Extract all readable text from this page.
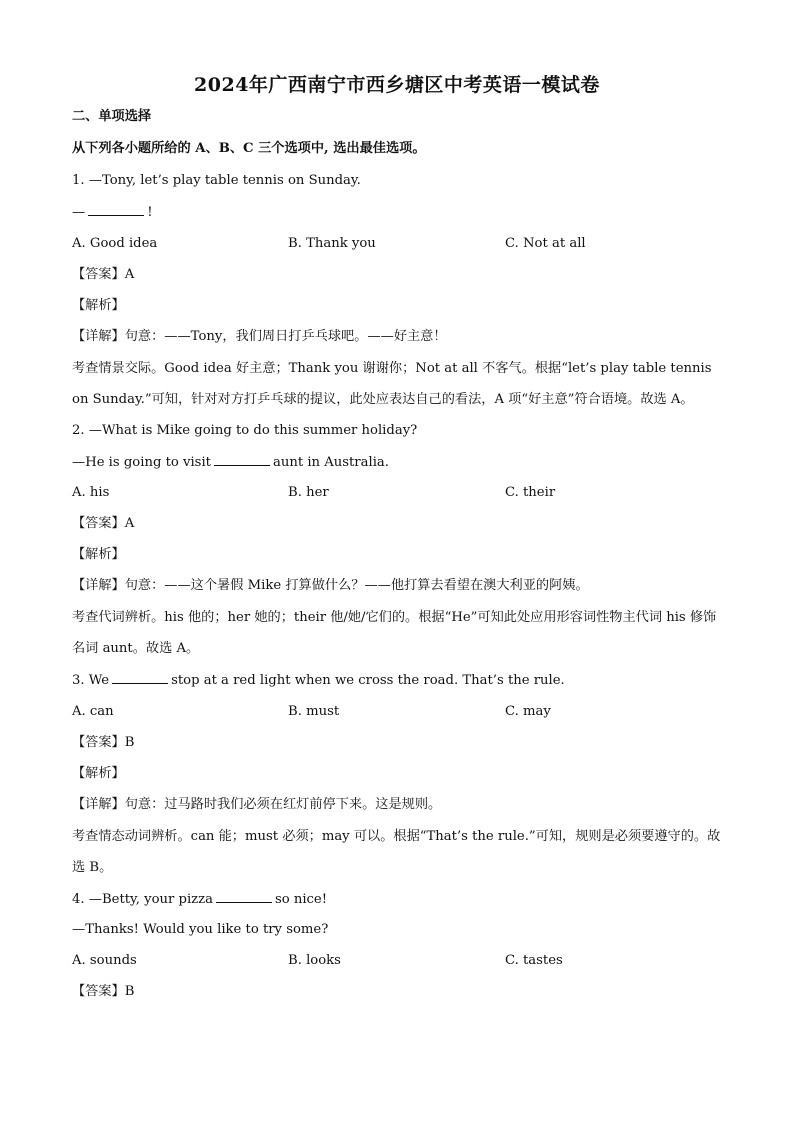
2024年广西南宁市西乡塘区中考英语一模试卷
二、单项选择
从下列各小题所给的 A、B、C 三个选项中, 选出最佳选项。
1. —Tony, let’s play table tennis on Sunday.
—	!
A. Good idea	B. Thank you	C. Not at all
【答案】A
【解析】
【详解】句意：——Tony，我们周日打乒乓球吧。——好主意！
考查情景交际。Good idea 好主意；Thank you 谢谢你；Not at all 不客气。根据“let’s play table tennis on Sunday.”可知，针对对方打乒乓球的提议，此处应表达自己的看法，A 项“好主意”符合语境。故选 A。
2. —What is Mike going to do this summer holiday?
—He is going to visit	aunt in Australia.
A. his	B. her	C. their
【答案】A
【解析】
【详解】句意：——这个暑假 Mike 打算做什么？——他打算去看望在澳大利亚的阿姨。
考查代词辨析。his 他的；her 她的；their 他/她/它们的。根据“He”可知此处应用形容词性物主代词 his 修饰名词 aunt。故选 A。
3. We	stop at a red light when we cross the road. That’s the rule.
A. can	B. must	C. may
【答案】B
【解析】
【详解】句意：过马路时我们必须在红灯前停下来。这是规则。
考查情态动词辨析。can 能；must 必须；may 可以。根据“That’s the rule.”可知，规则是必须要遵守的。故选 B。
4. —Betty, your pizza	so nice!
—Thanks! Would you like to try some?
A. sounds	B. looks	C. tastes
【答案】B
